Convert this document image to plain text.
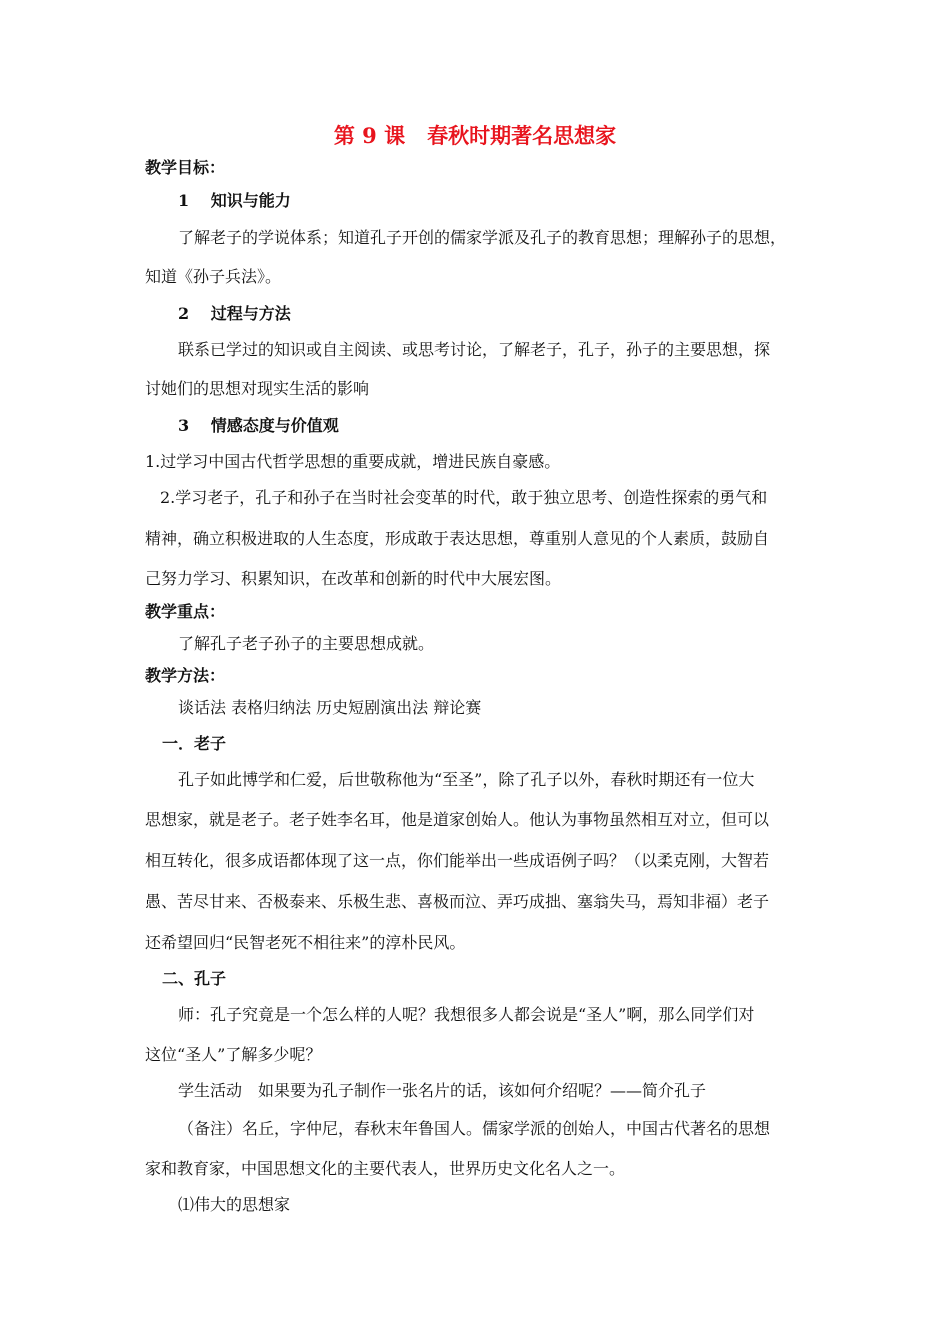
第 9 课 春秋时期著名思想家
教学目标：
1　 知识与能力
了解老子的学说体系；知道孔子开创的儒家学派及孔子的教育思想；理解孙子的思想，
知道《孙子兵法》。
2　 过程与方法
联系已学过的知识或自主阅读、或思考讨论，了解老子，孔子，孙子的主要思想，探
讨她们的思想对现实生活的影响
3　 情感态度与价值观
1.过学习中国古代哲学思想的重要成就，增进民族自豪感。
2.学习老子，孔子和孙子在当时社会变革的时代，敢于独立思考、创造性探索的勇气和
精神，确立积极进取的人生态度，形成敢于表达思想，尊重别人意见的个人素质，鼓励自
己努力学习、积累知识，在改革和创新的时代中大展宏图。
教学重点：
了解孔子老子孙子的主要思想成就。
教学方法：
谈话法 表格归纳法 历史短剧演出法 辩论赛
一．老子
孔子如此博学和仁爱，后世敬称他为“至圣”，除了孔子以外，春秋时期还有一位大
思想家，就是老子。老子姓李名耳，他是道家创始人。他认为事物虽然相互对立，但可以
相互转化，很多成语都体现了这一点，你们能举出一些成语例子吗？（以柔克刚，大智若
愚、苦尽甘来、否极泰来、乐极生悲、喜极而泣、弄巧成拙、塞翁失马，焉知非福）老子
还希望回归“民智老死不相往来”的淳朴民风。
二、孔子
师：孔子究竟是一个怎么样的人呢？我想很多人都会说是“圣人”啊，那么同学们对
这位“圣人”了解多少呢？
学生活动　如果要为孔子制作一张名片的话，该如何介绍呢？——简介孔子
（备注）名丘，字仲尼，春秋末年鲁国人。儒家学派的创始人，中国古代著名的思想
家和教育家，中国思想文化的主要代表人，世界历史文化名人之一。
⑴伟大的思想家
